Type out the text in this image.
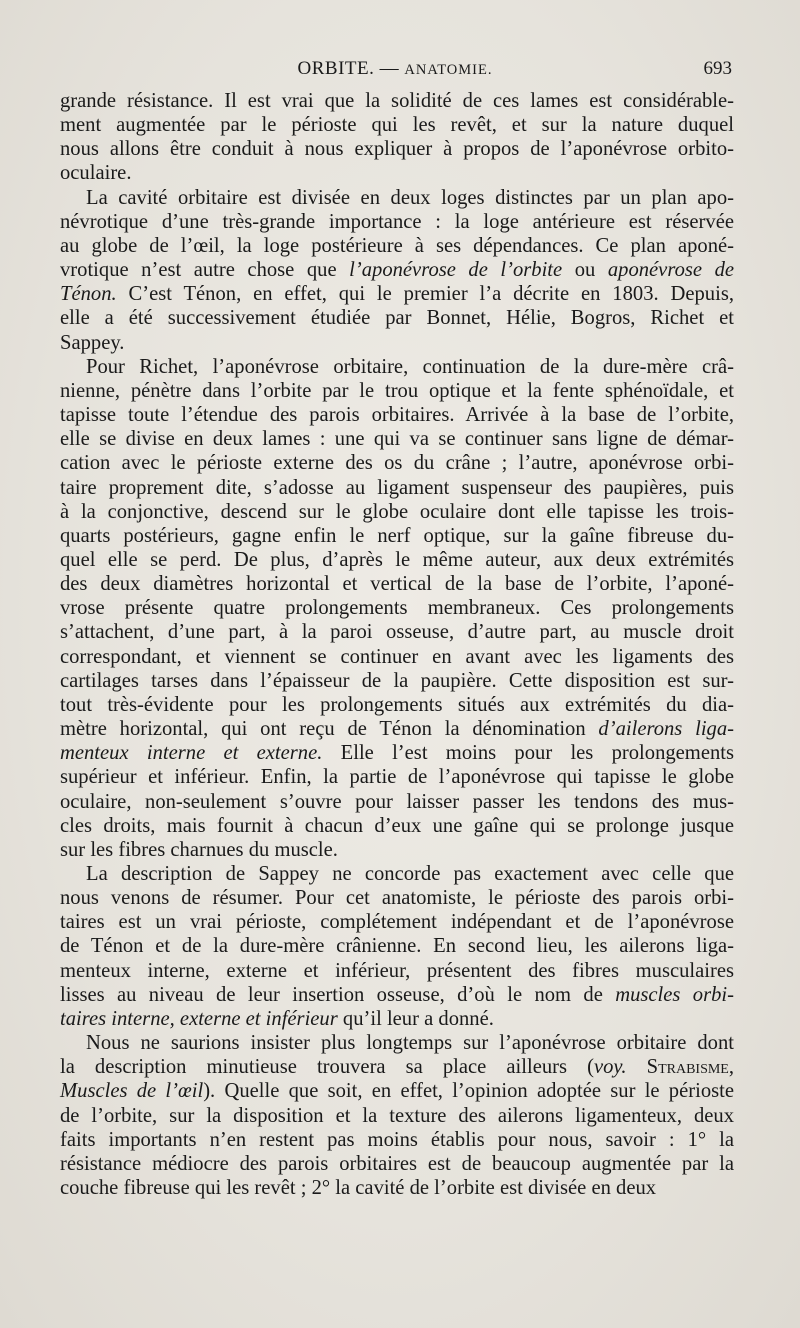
ORBITE. — ANATOMIE.	693
grande résistance. Il est vrai que la solidité de ces lames est considérable-
ment augmentée par le périoste qui les revêt, et sur la nature duquel
nous allons être conduit à nous expliquer à propos de l’aponévrose orbito-
oculaire.
La cavité orbitaire est divisée en deux loges distinctes par un plan apo-
névrotique d’une très-grande importance : la loge antérieure est réservée
au globe de l’œil, la loge postérieure à ses dépendances. Ce plan aponé-
vrotique n’est autre chose que l’aponévrose de l’orbite ou aponévrose de
Ténon. C’est Ténon, en effet, qui le premier l’a décrite en 1803. Depuis,
elle a été successivement étudiée par Bonnet, Hélie, Bogros, Richet et
Sappey.
Pour Richet, l’aponévrose orbitaire, continuation de la dure-mère crâ-
nienne, pénètre dans l’orbite par le trou optique et la fente sphénoïdale, et
tapisse toute l’étendue des parois orbitaires. Arrivée à la base de l’orbite,
elle se divise en deux lames : une qui va se continuer sans ligne de démar-
cation avec le périoste externe des os du crâne ; l’autre, aponévrose orbi-
taire proprement dite, s’adosse au ligament suspenseur des paupières, puis
à la conjonctive, descend sur le globe oculaire dont elle tapisse les trois-
quarts postérieurs, gagne enfin le nerf optique, sur la gaîne fibreuse du-
quel elle se perd. De plus, d’après le même auteur, aux deux extrémités
des deux diamètres horizontal et vertical de la base de l’orbite, l’aponé-
vrose présente quatre prolongements membraneux. Ces prolongements
s’attachent, d’une part, à la paroi osseuse, d’autre part, au muscle droit
correspondant, et viennent se continuer en avant avec les ligaments des
cartilages tarses dans l’épaisseur de la paupière. Cette disposition est sur-
tout très-évidente pour les prolongements situés aux extrémités du dia-
mètre horizontal, qui ont reçu de Ténon la dénomination d’ailerons liga-
menteux interne et externe. Elle l’est moins pour les prolongements
supérieur et inférieur. Enfin, la partie de l’aponévrose qui tapisse le globe
oculaire, non-seulement s’ouvre pour laisser passer les tendons des mus-
cles droits, mais fournit à chacun d’eux une gaîne qui se prolonge jusque
sur les fibres charnues du muscle.
La description de Sappey ne concorde pas exactement avec celle que
nous venons de résumer. Pour cet anatomiste, le périoste des parois orbi-
taires est un vrai périoste, complétement indépendant et de l’aponévrose
de Ténon et de la dure-mère crânienne. En second lieu, les ailerons liga-
menteux interne, externe et inférieur, présentent des fibres musculaires
lisses au niveau de leur insertion osseuse, d’où le nom de muscles orbi-
taires interne, externe et inférieur qu’il leur a donné.
Nous ne saurions insister plus longtemps sur l’aponévrose orbitaire dont
la description minutieuse trouvera sa place ailleurs (voy. Strabisme,
Muscles de l’œil). Quelle que soit, en effet, l’opinion adoptée sur le périoste
de l’orbite, sur la disposition et la texture des ailerons ligamenteux, deux
faits importants n’en restent pas moins établis pour nous, savoir : 1° la
résistance médiocre des parois orbitaires est de beaucoup augmentée par la
couche fibreuse qui les revêt ; 2° la cavité de l’orbite est divisée en deux
